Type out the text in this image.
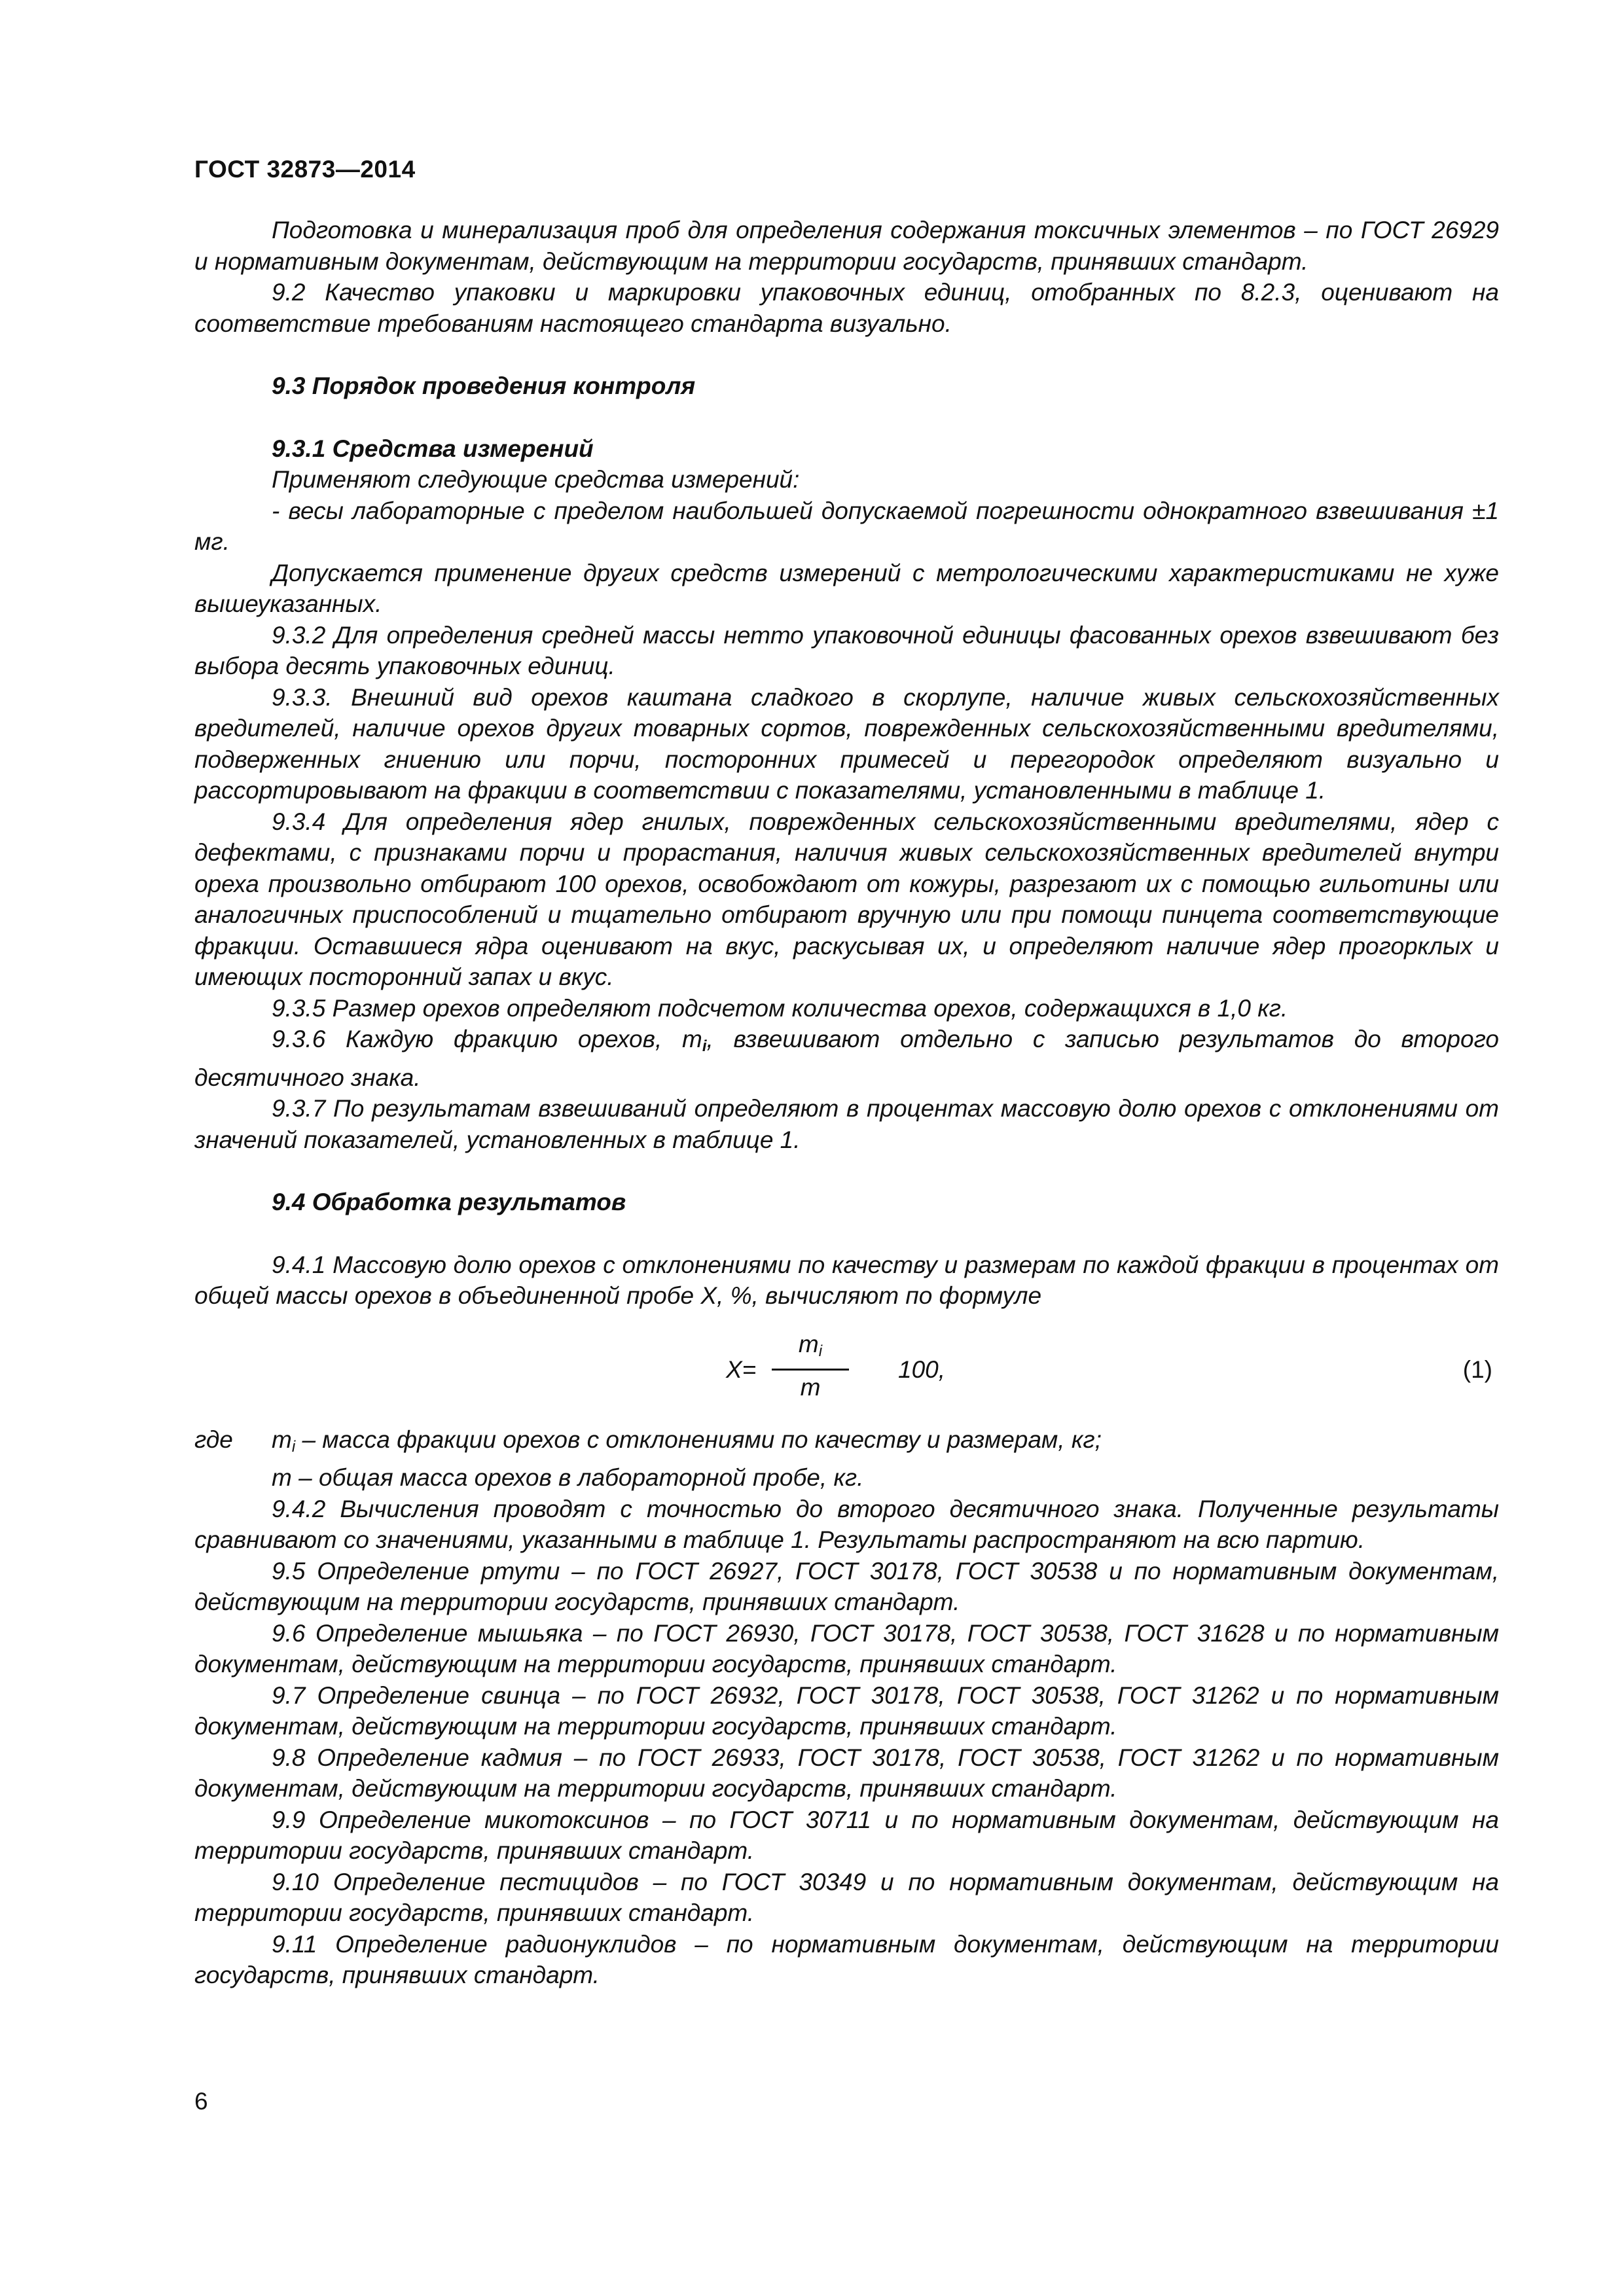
ГОСТ 32873—2014

Подготовка и минерализация проб для определения содержания токсичных элементов – по ГОСТ 26929 и нормативным документам, действующим на территории государств, принявших стандарт.

9.2 Качество упаковки и маркировки упаковочных единиц, отобранных по 8.2.3, оценивают на соответствие требованиям настоящего стандарта визуально.

9.3 Порядок проведения контроля
9.3.1 Средства измерений

Применяют следующие средства измерений:

- весы лабораторные с пределом наибольшей допускаемой погрешности однократного взвешивания ±1 мг.

Допускается применение других средств измерений с метрологическими характеристиками не хуже вышеуказанных.

9.3.2 Для определения средней массы нетто упаковочной единицы фасованных орехов взвешивают без выбора десять упаковочных единиц.

9.3.3. Внешний вид орехов каштана сладкого в скорлупе, наличие живых сельскохозяйственных вредителей, наличие орехов других товарных сортов, поврежденных сельскохозяйственными вредителями, подверженных гниению или порчи, посторонних примесей и перегородок определяют визуально и рассортировывают на фракции в соответствии с показателями, установленными в таблице 1.

9.3.4 Для определения ядер гнилых, поврежденных сельскохозяйственными вредителями, ядер с дефектами, с признаками порчи и прорастания, наличия живых сельскохозяйственных вредителей внутри ореха произвольно отбирают 100 орехов, освобождают от кожуры, разрезают их с помощью гильотины или аналогичных приспособлений и тщательно отбирают вручную или при помощи пинцета соответствующие фракции. Оставшиеся ядра оценивают на вкус, раскусывая их, и определяют наличие ядер прогорклых и имеющих посторонний запах и вкус.

9.3.5 Размер орехов определяют подсчетом количества орехов, содержащихся в 1,0 кг.

9.3.6 Каждую фракцию орехов, $m_i$, взвешивают отдельно с записью результатов до второго десятичного знака.

9.3.7 По результатам взвешиваний определяют в процентах массовую долю орехов с отклонениями от значений показателей, установленных в таблице 1.

9.4 Обработка результатов

9.4.1 Массовую долю орехов с отклонениями по качеству и размерам по каждой фракции в процентах от общей массы орехов в объединенной пробе X, %, вычисляют по формуле

X=
$m_i$
m
100,	(1)
где	$m_i$ – масса фракции орехов с отклонениями по качеству и размерам, кг;
m – общая масса орехов в лабораторной пробе, кг.

9.4.2 Вычисления проводят с точностью до второго десятичного знака. Полученные результаты сравнивают со значениями, указанными в таблице 1. Результаты распространяют на всю партию.

9.5 Определение ртути – по ГОСТ 26927, ГОСТ 30178, ГОСТ 30538 и по нормативным документам, действующим на территории государств, принявших стандарт.

9.6 Определение мышьяка – по ГОСТ 26930, ГОСТ 30178, ГОСТ 30538, ГОСТ 31628 и по нормативным документам, действующим на территории государств, принявших стандарт.

9.7 Определение свинца – по ГОСТ 26932, ГОСТ 30178, ГОСТ 30538, ГОСТ 31262 и по нормативным документам, действующим на территории государств, принявших стандарт.

9.8 Определение кадмия – по ГОСТ 26933, ГОСТ 30178, ГОСТ 30538, ГОСТ 31262 и по нормативным документам, действующим на территории государств, принявших стандарт.

9.9 Определение микотоксинов – по ГОСТ 30711 и по нормативным документам, действующим на территории государств, принявших стандарт.

9.10 Определение пестицидов – по ГОСТ 30349 и по нормативным документам, действующим на территории государств, принявших стандарт.

9.11 Определение радионуклидов – по нормативным документам, действующим на территории государств, принявших стандарт.

6
